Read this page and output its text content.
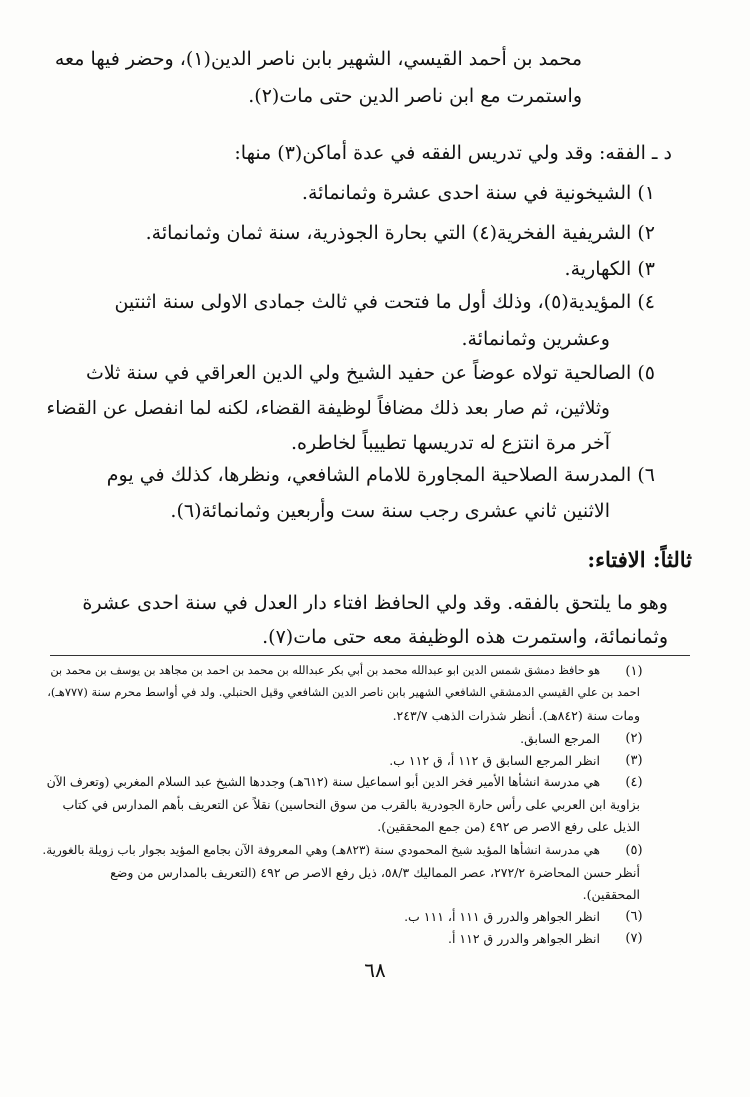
محمد بن أحمد القيسي، الشهير بابن ناصر الدين(١)، وحضر فيها معه
واستمرت مع ابن ناصر الدين حتى مات(٢).
د ـ الفقه: وقد ولي تدريس الفقه في عدة أماكن(٣) منها:
١) الشيخونية في سنة احدى عشرة وثمانمائة.
٢) الشريفية الفخرية(٤) التي بحارة الجوذرية، سنة ثمان وثمانمائة.
٣) الكهارية.
٤) المؤيدية(٥)، وذلك أول ما فتحت في ثالث جمادى الاولى سنة اثنتين
وعشرين وثمانمائة.
٥) الصالحية تولاه عوضاً عن حفيد الشيخ ولي الدين العراقي في سنة ثلاث
وثلاثين، ثم صار بعد ذلك مضافاً لوظيفة القضاء، لكنه لما انفصل عن القضاء
آخر مرة انتزع له تدريسها تطييباً لخاطره.
٦) المدرسة الصلاحية المجاورة للامام الشافعي، ونظرها، كذلك في يوم
الاثنين ثاني عشرى رجب سنة ست وأربعين وثمانمائة(٦).
ثالثاً: الافتاء:
وهو ما يلتحق بالفقه. وقد ولي الحافظ افتاء دار العدل في سنة احدى عشرة
وثمانمائة، واستمرت هذه الوظيفة معه حتى مات(٧).
(١)
هو حافظ دمشق شمس الدين ابو عبدالله محمد بن أبي بكر عبدالله بن محمد بن احمد بن مجاهد بن يوسف بن محمد بن
احمد بن علي القيسي الدمشقي الشافعي الشهير بابن ناصر الدين الشافعي وقيل الحنبلي. ولد في أواسط محرم سنة (٧٧٧هـ)،
ومات سنة (٨٤٢هـ). أنظر شذرات الذهب ٢٤٣/٧.
(٢)
المرجع السابق.
(٣)
انظر المرجع السابق ق ١١٢ أ، ق ١١٢ ب.
(٤)
هي مدرسة انشأها الأمير فخر الدين أبو اسماعيل سنة (٦١٢هـ) وجددها الشيخ عبد السلام المغربي (وتعرف الآن
بزاوية ابن العربي على رأس حارة الجودرية بالقرب من سوق النحاسين) نقلاً عن التعريف بأهم المدارس في كتاب
الذيل على رفع الاصر ص ٤٩٢ (من جمع المحققين).
(٥)
هي مدرسة انشأها المؤيد شيخ المحمودي سنة (٨٢٣هـ) وهي المعروفة الآن بجامع المؤيد بجوار باب زويلة بالغورية.
أنظر حسن المحاضرة ٢٧٢/٢، عصر المماليك ٥٨/٣، ذيل رفع الاصر ص ٤٩٢ (التعريف بالمدارس من وضع
المحققين).
(٦)
انظر الجواهر والدرر ق ١١١ أ، ١١١ ب.
(٧)
انظر الجواهر والدرر ق ١١٢ أ.
٦٨
